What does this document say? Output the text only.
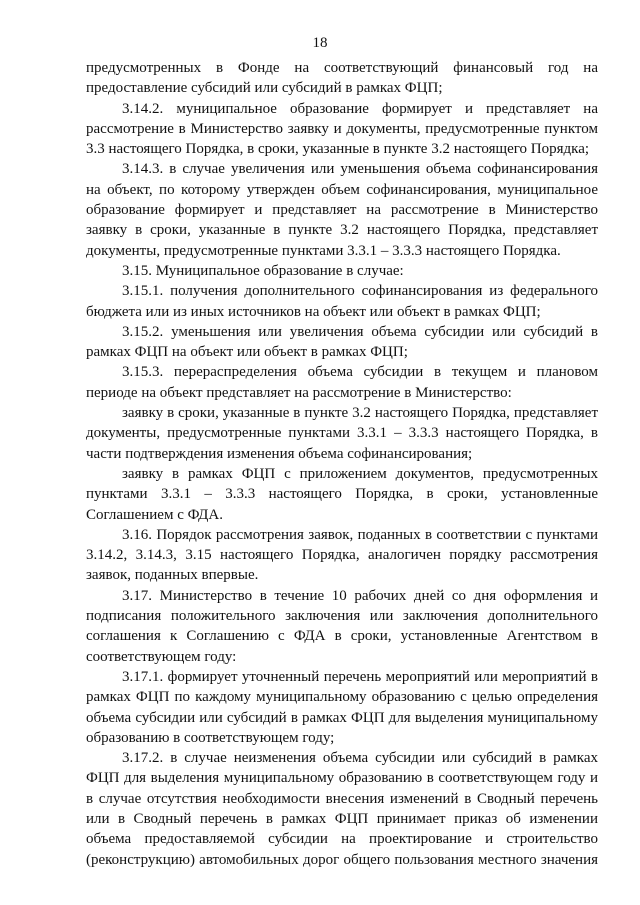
18

предусмотренных в Фонде на соответствующий финансовый год на предоставление субсидий или субсидий в рамках ФЦП;

3.14.2. муниципальное образование формирует и представляет на рассмотрение в Министерство заявку и документы, предусмотренные пунктом 3.3 настоящего Порядка, в сроки, указанные в пункте 3.2 настоящего Порядка;

3.14.3. в случае увеличения или уменьшения объема софинансирования на объект, по которому утвержден объем софинансирования, муниципальное образование формирует и представляет на рассмотрение в Министерство заявку в сроки, указанные в пункте 3.2 настоящего Порядка, представляет документы, предусмотренные пунктами 3.3.1 – 3.3.3 настоящего Порядка.

3.15. Муниципальное образование в случае:

3.15.1. получения дополнительного софинансирования из федерального бюджета или из иных источников на объект или объект в рамках ФЦП;

3.15.2. уменьшения или увеличения объема субсидии или субсидий в рамках ФЦП на объект или объект в рамках ФЦП;

3.15.3. перераспределения объема субсидии в текущем и плановом периоде на объект представляет на рассмотрение в Министерство:

заявку в сроки, указанные в пункте 3.2 настоящего Порядка, представляет документы, предусмотренные пунктами 3.3.1 – 3.3.3 настоящего Порядка, в части подтверждения изменения объема софинансирования;

заявку в рамках ФЦП с приложением документов, предусмотренных пунктами 3.3.1 – 3.3.3 настоящего Порядка, в сроки, установленные Соглашением с ФДА.

3.16. Порядок рассмотрения заявок, поданных в соответствии с пунктами 3.14.2, 3.14.3, 3.15 настоящего Порядка, аналогичен порядку рассмотрения заявок, поданных впервые.

3.17. Министерство в течение 10 рабочих дней со дня оформления и подписания положительного заключения или заключения дополнительного соглашения к Соглашению с ФДА в сроки, установленные Агентством в соответствующем году:

3.17.1. формирует уточненный перечень мероприятий или мероприятий в рамках ФЦП по каждому муниципальному образованию с целью определения объема субсидии или субсидий в рамках ФЦП для выделения муниципальному образованию в соответствующем году;

3.17.2. в случае неизменения объема субсидии или субсидий в рамках ФЦП для выделения муниципальному образованию в соответствующем году и в случае отсутствия необходимости внесения изменений в Сводный перечень или в Сводный перечень в рамках ФЦП принимает приказ об изменении объема предоставляемой субсидии на проектирование и строительство (реконструкцию) автомобильных дорог общего пользования местного значения
